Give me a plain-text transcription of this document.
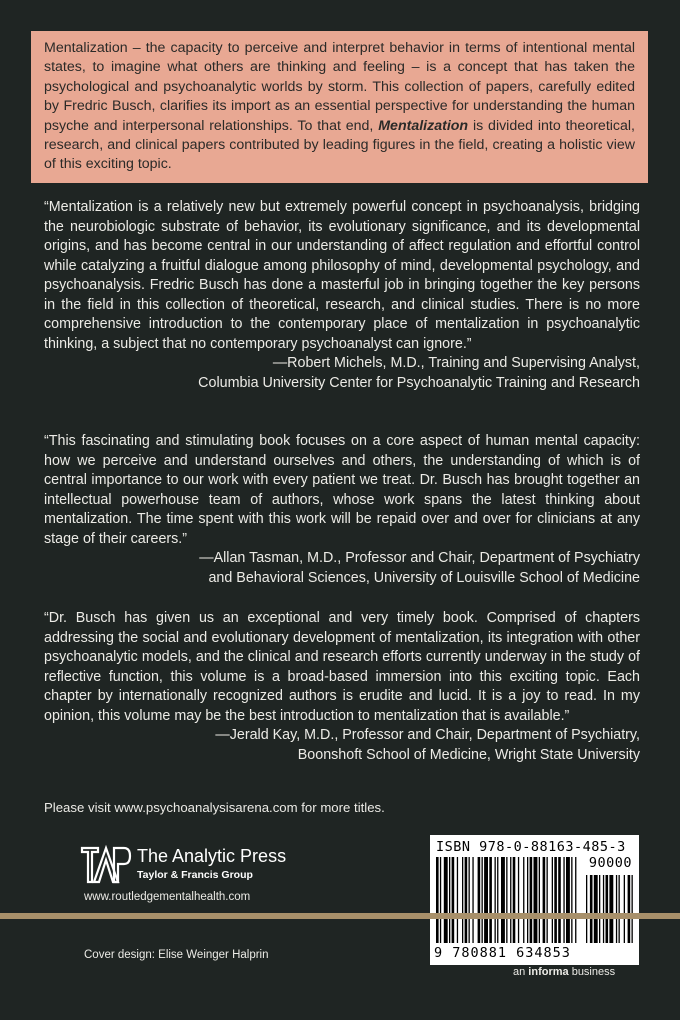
Mentalization – the capacity to perceive and interpret behavior in terms of intentional mental states, to imagine what others are thinking and feeling – is a concept that has taken the psychological and psychoanalytic worlds by storm. This collection of papers, carefully edited by Fredric Busch, clarifies its import as an essential perspective for understanding the human psyche and interpersonal relationships. To that end, Mentalization is divided into theoretical, research, and clinical papers contributed by leading figures in the field, creating a holistic view of this exciting topic.

“Mentalization is a relatively new but extremely powerful concept in psychoanalysis, bridging the neurobiologic substrate of behavior, its evolutionary significance, and its developmental origins, and has become central in our understanding of affect regulation and effortful control while catalyzing a fruitful dialogue among philosophy of mind, developmental psychology, and psychoanalysis. Fredric Busch has done a masterful job in bringing together the key persons in the field in this collection of theoretical, research, and clinical studies. There is no more comprehensive introduction to the contemporary place of mentalization in psychoanalytic thinking, a subject that no contemporary psychoanalyst can ignore.”

—Robert Michels, M.D., Training and Supervising Analyst,

Columbia University Center for Psychoanalytic Training and Research

“This fascinating and stimulating book focuses on a core aspect of human mental capacity: how we perceive and understand ourselves and others, the understanding of which is of central importance to our work with every patient we treat. Dr. Busch has brought together an intellectual powerhouse team of authors, whose work spans the latest thinking about mentalization. The time spent with this work will be repaid over and over for clinicians at any stage of their careers.”

—Allan Tasman, M.D., Professor and Chair, Department of Psychiatry

and Behavioral Sciences, University of Louisville School of Medicine

“Dr. Busch has given us an exceptional and very timely book. Comprised of chapters addressing the social and evolutionary development of mentalization, its integration with other psychoanalytic models, and the clinical and research efforts currently underway in the study of reflective function, this volume is a broad-based immersion into this exciting topic. Each chapter by internationally recognized authors is erudite and lucid. It is a joy to read. In my opinion, this volume may be the best introduction to mentalization that is available.”

—Jerald Kay, M.D., Professor and Chair, Department of Psychiatry,

Boonshoft School of Medicine, Wright State University

Please visit www.psychoanalysisarena.com for more titles.
The Analytic Press
Taylor & Francis Group
www.routledgementalhealth.com
ISBN 978-0-88163-485-3
90000
9 780881 634853
Cover design: Elise Weinger Halprin
an informa business
